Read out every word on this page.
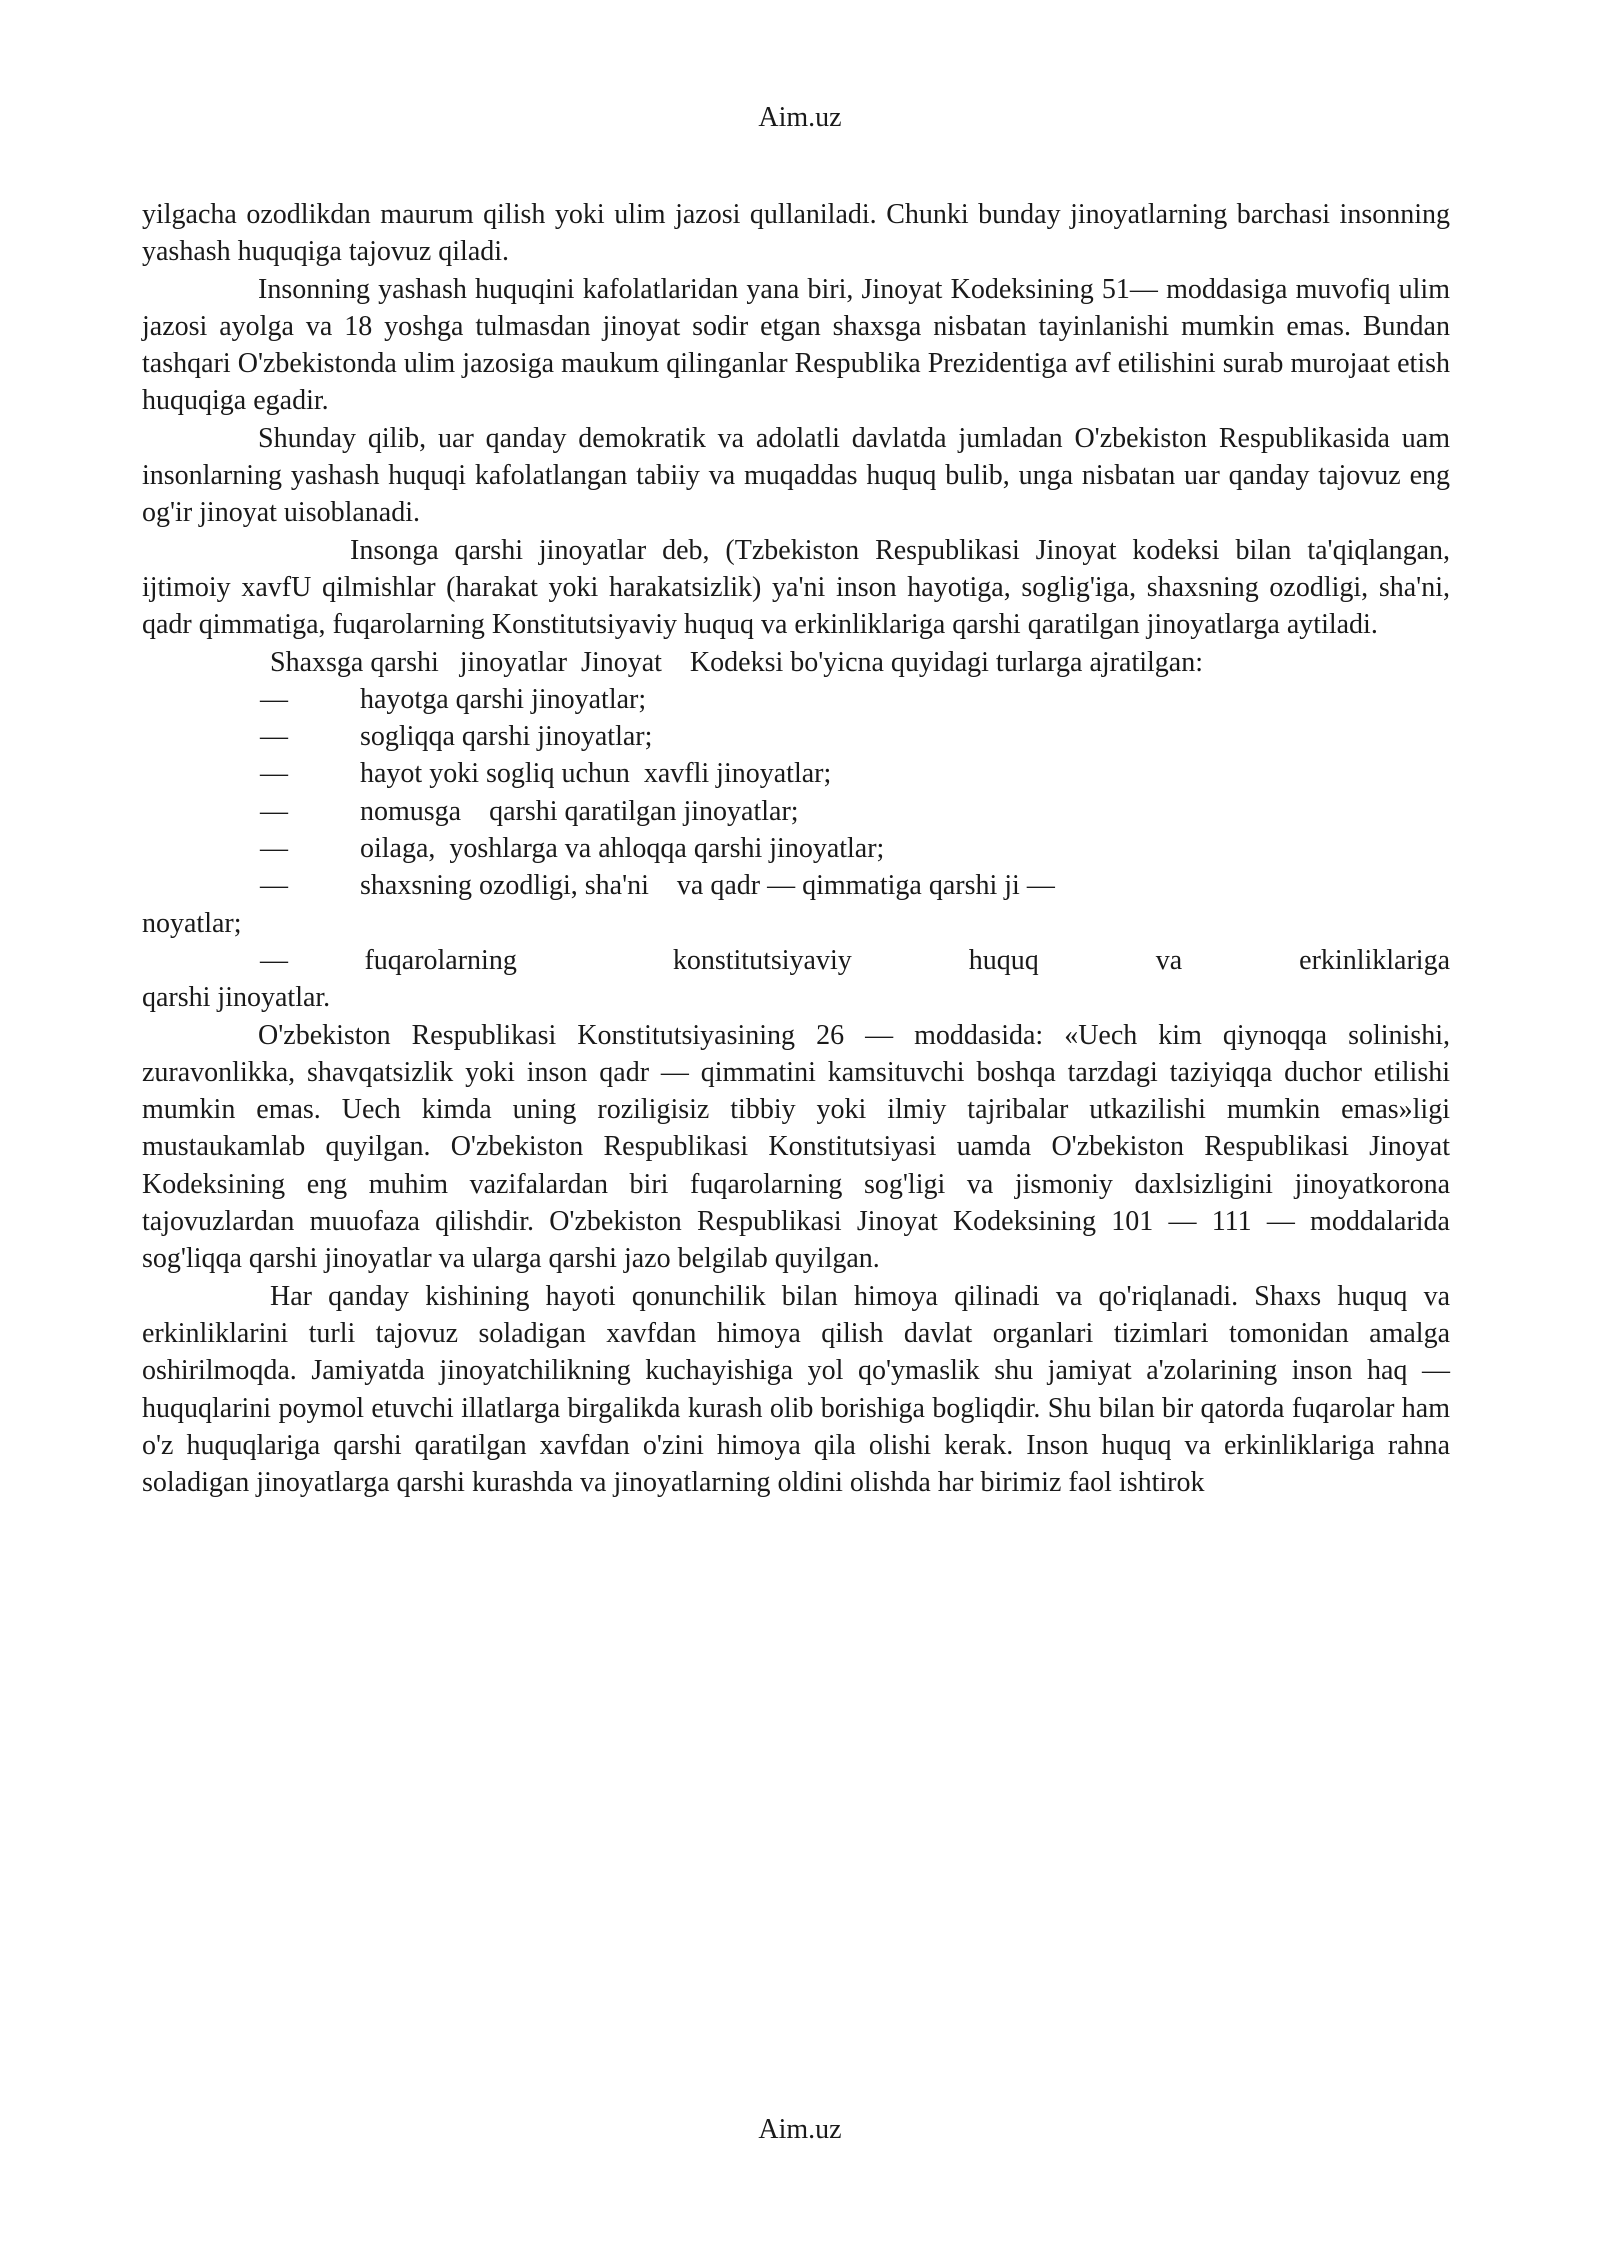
Aim.uz

yilgacha ozodlikdan maurum qilish yoki ulim jazosi qullaniladi. Chunki bunday jinoyatlarning barchasi insonning yashash huquqiga tajovuz qiladi.

Insonning yashash huquqini kafolatlaridan yana biri, Jinoyat Kodeksining 51— moddasiga muvofiq ulim jazosi ayolga va 18 yoshga tulmasdan jinoyat sodir etgan shaxsga nisbatan tayinlanishi mumkin emas. Bundan tashqari O'zbekistonda ulim jazosiga maukum qilinganlar Respublika Prezidentiga avf etilishini surab murojaat etish huquqiga egadir.

Shunday qilib, uar qanday demokratik va adolatli davlatda jumladan O'zbekiston Respublikasida uam insonlarning yashash huquqi kafolatlangan tabiiy va muqaddas huquq bulib, unga nisbatan uar qanday tajovuz eng og'ir jinoyat uisoblanadi.

Insonga qarshi jinoyatlar deb, (Tzbekiston Respublikasi Jinoyat kodeksi bilan ta'qiqlangan, ijtimoiy xavfU qilmishlar (harakat yoki harakatsizlik) ya'ni inson hayotiga, soglig'iga, shaxsning ozodligi, sha'ni, qadr qimmatiga, fuqarolarning Konstitutsiyaviy huquq va erkinliklariga qarshi qaratilgan jinoyatlarga aytiladi.

Shaxsga qarshi   jinoyatlar  Jinoyat    Kodeksi bo'yicna quyidagi turlarga ajratilgan:

—	hayotga qarshi jinoyatlar;
—	sogliqqa qarshi jinoyatlar;
—	hayot yoki sogliq uchun  xavfli jinoyatlar;
—	nomusga    qarshi qaratilgan jinoyatlar;
—	oilaga,  yoshlarga va ahloqqa qarshi jinoyatlar;
—	shaxsning ozodligi, sha'ni    va qadr — qimmatiga qarshi ji —
noyatlar;
—	fuqarolarning    konstitutsiyaviy   huquq   va   erkinliklariga
qarshi jinoyatlar.

O'zbekiston Respublikasi Konstitutsiyasining 26 — moddasida: «Uech kim qiynoqqa solinishi, zuravonlikka, shavqatsizlik yoki inson qadr — qimmatini kamsituvchi boshqa tarzdagi taziyiqqa duchor etilishi mumkin emas. Uech kimda uning roziligisiz tibbiy yoki ilmiy tajribalar utkazilishi mumkin emas»ligi mustaukamlab quyilgan. O'zbekiston Respublikasi Konstitutsiyasi uamda O'zbekiston Respublikasi Jinoyat Kodeksining eng muhim vazifalardan biri fuqarolarning sog'ligi va jismoniy daxlsizligini jinoyatkorona tajovuzlardan muuofaza qilishdir. O'zbekiston Respublikasi Jinoyat Kodeksining 101 — 111 — moddalarida sog'liqqa qarshi jinoyatlar va ularga qarshi jazo belgilab quyilgan.

Har qanday kishining hayoti qonunchilik bilan himoya qilinadi va qo'riqlanadi. Shaxs huquq va erkinliklarini turli tajovuz soladigan xavfdan himoya qilish davlat organlari tizimlari tomonidan amalga oshirilmoqda. Jamiyatda jinoyatchilikning kuchayishiga yol qo'ymaslik shu jamiyat a'zolarining inson haq — huquqlarini poymol etuvchi illatlarga birgalikda kurash olib borishiga bogliqdir. Shu bilan bir qatorda fuqarolar ham o'z huquqlariga qarshi qaratilgan xavfdan o'zini himoya qila olishi kerak. Inson huquq va erkinliklariga rahna soladigan jinoyatlarga qarshi kurashda va jinoyatlarning oldini olishda har birimiz faol ishtirok

Aim.uz
